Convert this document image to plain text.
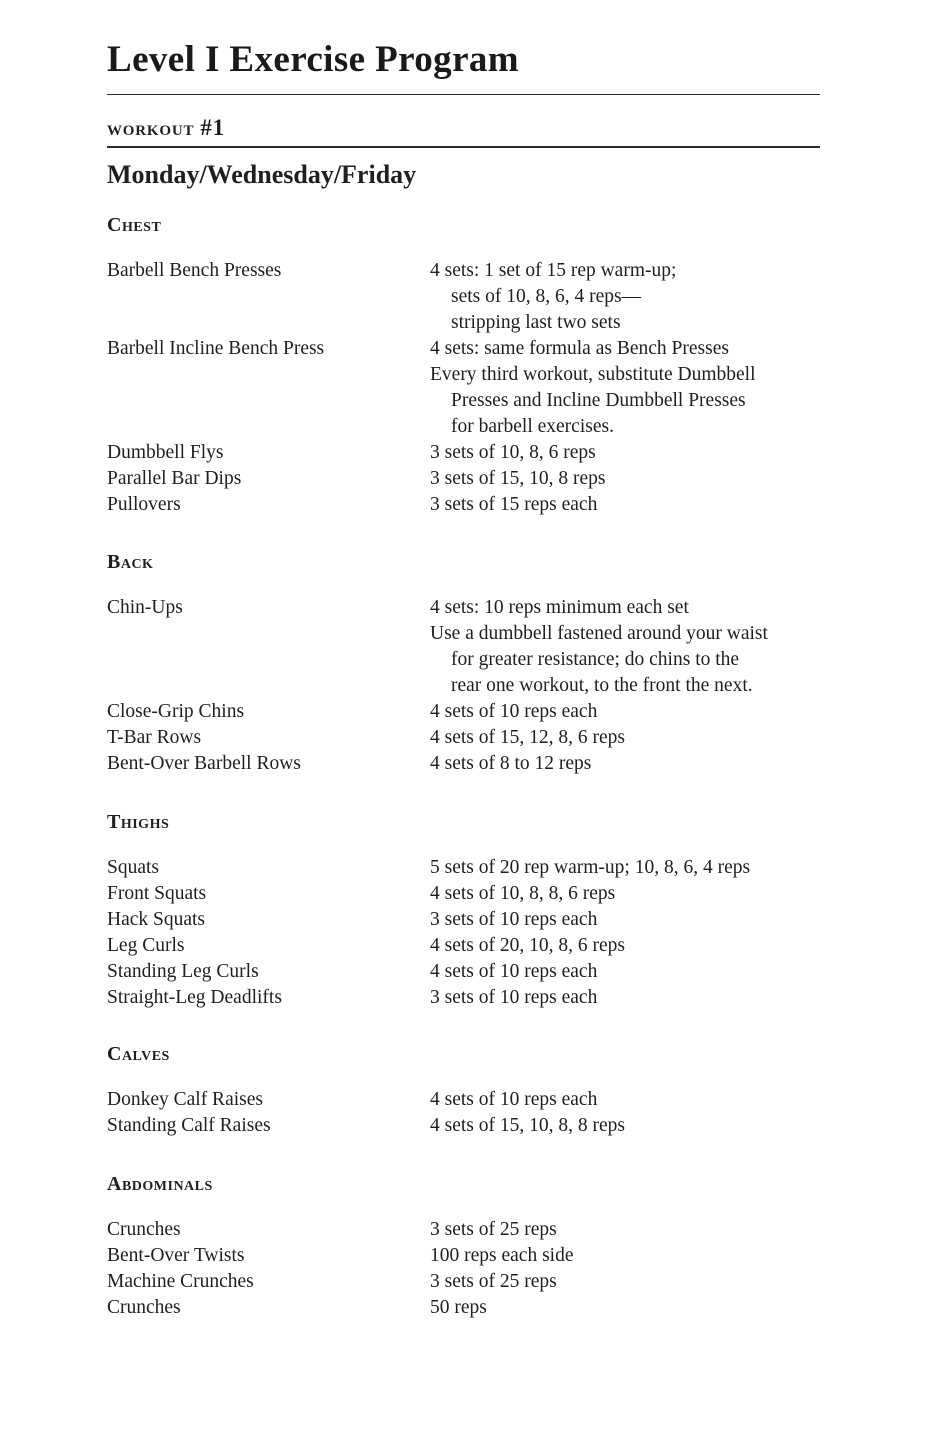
Level I Exercise Program
workout #1
Monday/Wednesday/Friday
Chest
Barbell Bench Presses	4 sets: 1 set of 15 rep warm-up;
sets of 10, 8, 6, 4 reps—
stripping last two sets
Barbell Incline Bench Press	4 sets: same formula as Bench Presses
Every third workout, substitute Dumbbell
Presses and Incline Dumbbell Presses
for barbell exercises.
Dumbbell Flys	3 sets of 10, 8, 6 reps
Parallel Bar Dips	3 sets of 15, 10, 8 reps
Pullovers	3 sets of 15 reps each
Back
Chin-Ups	4 sets: 10 reps minimum each set
Use a dumbbell fastened around your waist
for greater resistance; do chins to the
rear one workout, to the front the next.
Close-Grip Chins	4 sets of 10 reps each
T-Bar Rows	4 sets of 15, 12, 8, 6 reps
Bent-Over Barbell Rows	4 sets of 8 to 12 reps
Thighs
Squats	5 sets of 20 rep warm-up; 10, 8, 6, 4 reps
Front Squats	4 sets of 10, 8, 8, 6 reps
Hack Squats	3 sets of 10 reps each
Leg Curls	4 sets of 20, 10, 8, 6 reps
Standing Leg Curls	4 sets of 10 reps each
Straight-Leg Deadlifts	3 sets of 10 reps each
Calves
Donkey Calf Raises	4 sets of 10 reps each
Standing Calf Raises	4 sets of 15, 10, 8, 8 reps
Abdominals
Crunches	3 sets of 25 reps
Bent-Over Twists	100 reps each side
Machine Crunches	3 sets of 25 reps
Crunches	50 reps
